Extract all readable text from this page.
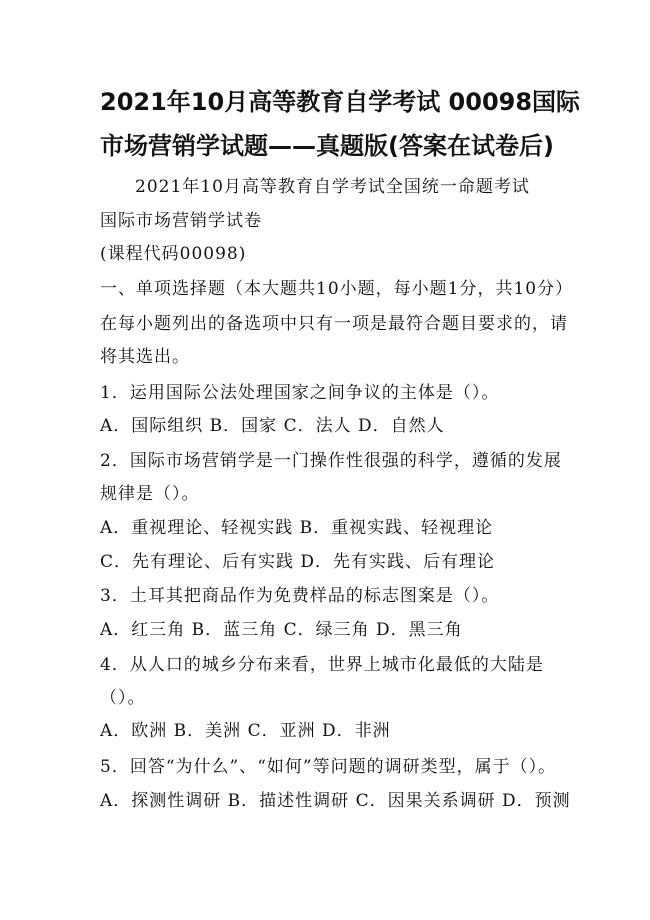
2021年10月高等教育自学考试 00098国际
市场营销学试题——真题版(答案在试卷后)
2021年10月高等教育自学考试全国统一命题考试
国际市场营销学试卷
(课程代码00098)
一、单项选择题（本大题共10小题，每小题1分，共10分）
在每小题列出的备选项中只有一项是最符合题目要求的，请
将其选出。
1．运用国际公法处理国家之间争议的主体是（）。
A．国际组织 B．国家 C．法人 D．自然人
2．国际市场营销学是一门操作性很强的科学，遵循的发展
规律是（）。
A．重视理论、轻视实践 B．重视实践、轻视理论
C．先有理论、后有实践 D．先有实践、后有理论
3．土耳其把商品作为免费样品的标志图案是（）。
A．红三角 B．蓝三角 C．绿三角 D．黑三角
4．从人口的城乡分布来看，世界上城市化最低的大陆是
（）。
A．欧洲 B．美洲 C．亚洲 D．非洲
5．回答“为什么”、“如何”等问题的调研类型，属于（）。
A．探测性调研 B．描述性调研 C．因果关系调研 D．预测
